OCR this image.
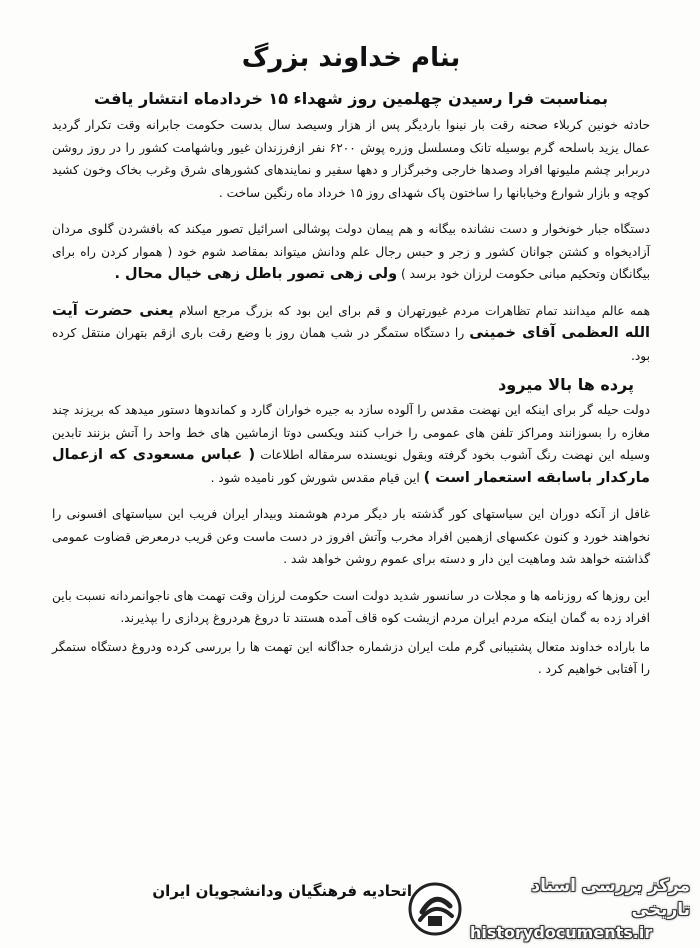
بنام خداوند بزرگ
بمناسبت فرا رسیدن چهلمین روز شهداء ۱۵ خردادماه انتشار یافت

حادثه خونین کربلاء صحنه رقت بار نینوا باردیگر پس از هزار وسیصد سال بدست حکومت جابرانه وقت تکرار گردید عمال یزید باسلحه گرم بوسیله تانک ومسلسل وزره پوش ۶۲۰۰ نفر ازفرزندان غیور وباشهامت کشور را در روز روشن دربرابر چشم ملیونها افراد وصدها خارجی وخبرگزار و دهها سفیر و نمایندهای کشورهای شرق وغرب بخاک وخون کشید کوچه و بازار شوارع وخیابانها را ساختون پاک شهدای روز ۱۵ خرداد ماه رنگین ساخت .

دستگاه جبار خونخوار و دست نشانده بیگانه و هم پیمان دولت پوشالی اسرائیل تصور میکند که بافشردن گلوی مردان آزادیخواه و کشتن جوانان کشور و زجر و حبس رجال علم ودانش میتواند بمقاصد شوم خود ( هموار کردن راه برای بیگانگان وتحکیم مبانی حکومت لرزان خود برسد ) ولی زهی تصور باطل زهی خیال محال .

همه عالم میدانند تمام تظاهرات مردم غیورتهران و قم برای این بود که بزرگ مرجع اسلام یعنی حضرت آیت الله العظمی آقای خمینی را دستگاه ستمگر در شب همان روز با وضع رقت باری ازقم بتهران منتقل کرده بود.

پرده ها بالا میرود

دولت حیله گر برای اینکه این نهضت مقدس را آلوده سازد به جیره خواران گارد و کماندوها دستور میدهد که بریزند چند مغازه را بسوزانند ومراکز تلفن های عمومی را خراب کنند ویکسی دوتا ازماشین های خط واحد را آتش بزنند تابدین وسیله این نهضت رنگ آشوب بخود گرفته وبقول نویسنده سرمقاله اطلاعات ( عباس مسعودی که ازعمال مارکدار باسابقه استعمار است ) این قیام مقدس شورش کور نامیده شود .

غافل از آنکه دوران این سیاستهای کور گذشته بار دیگر مردم هوشمند وبیدار ایران فریب این سیاستهای افسونی را نخواهند خورد و کنون عکسهای ازهمین افراد مخرب وآتش افروز در دست ماست وعن قریب درمعرض قضاوت عمومی گذاشته خواهد شد وماهیت این دار و دسته برای عموم روشن خواهد شد .

این روزها که روزنامه ها و مجلات در سانسور شدید دولت است حکومت لرزان وقت تهمت های ناجوانمردانه نسبت باین افراد زده به گمان اینکه مردم ایران مردم ازیشت کوه قاف آمده هستند تا دروغ هردروغ پردازی را بپذیرند.

ما باراده خداوند متعال پشتیبانی گرم ملت ایران دزشماره جداگانه این تهمت ها را بررسی کرده ودروغ دستگاه ستمگر را آفتابی خواهیم کرد .

اتحادیه فرهنگیان ودانشجویان ایران	مرکز بررسی اسناد تاریخی
historydocuments.ir
